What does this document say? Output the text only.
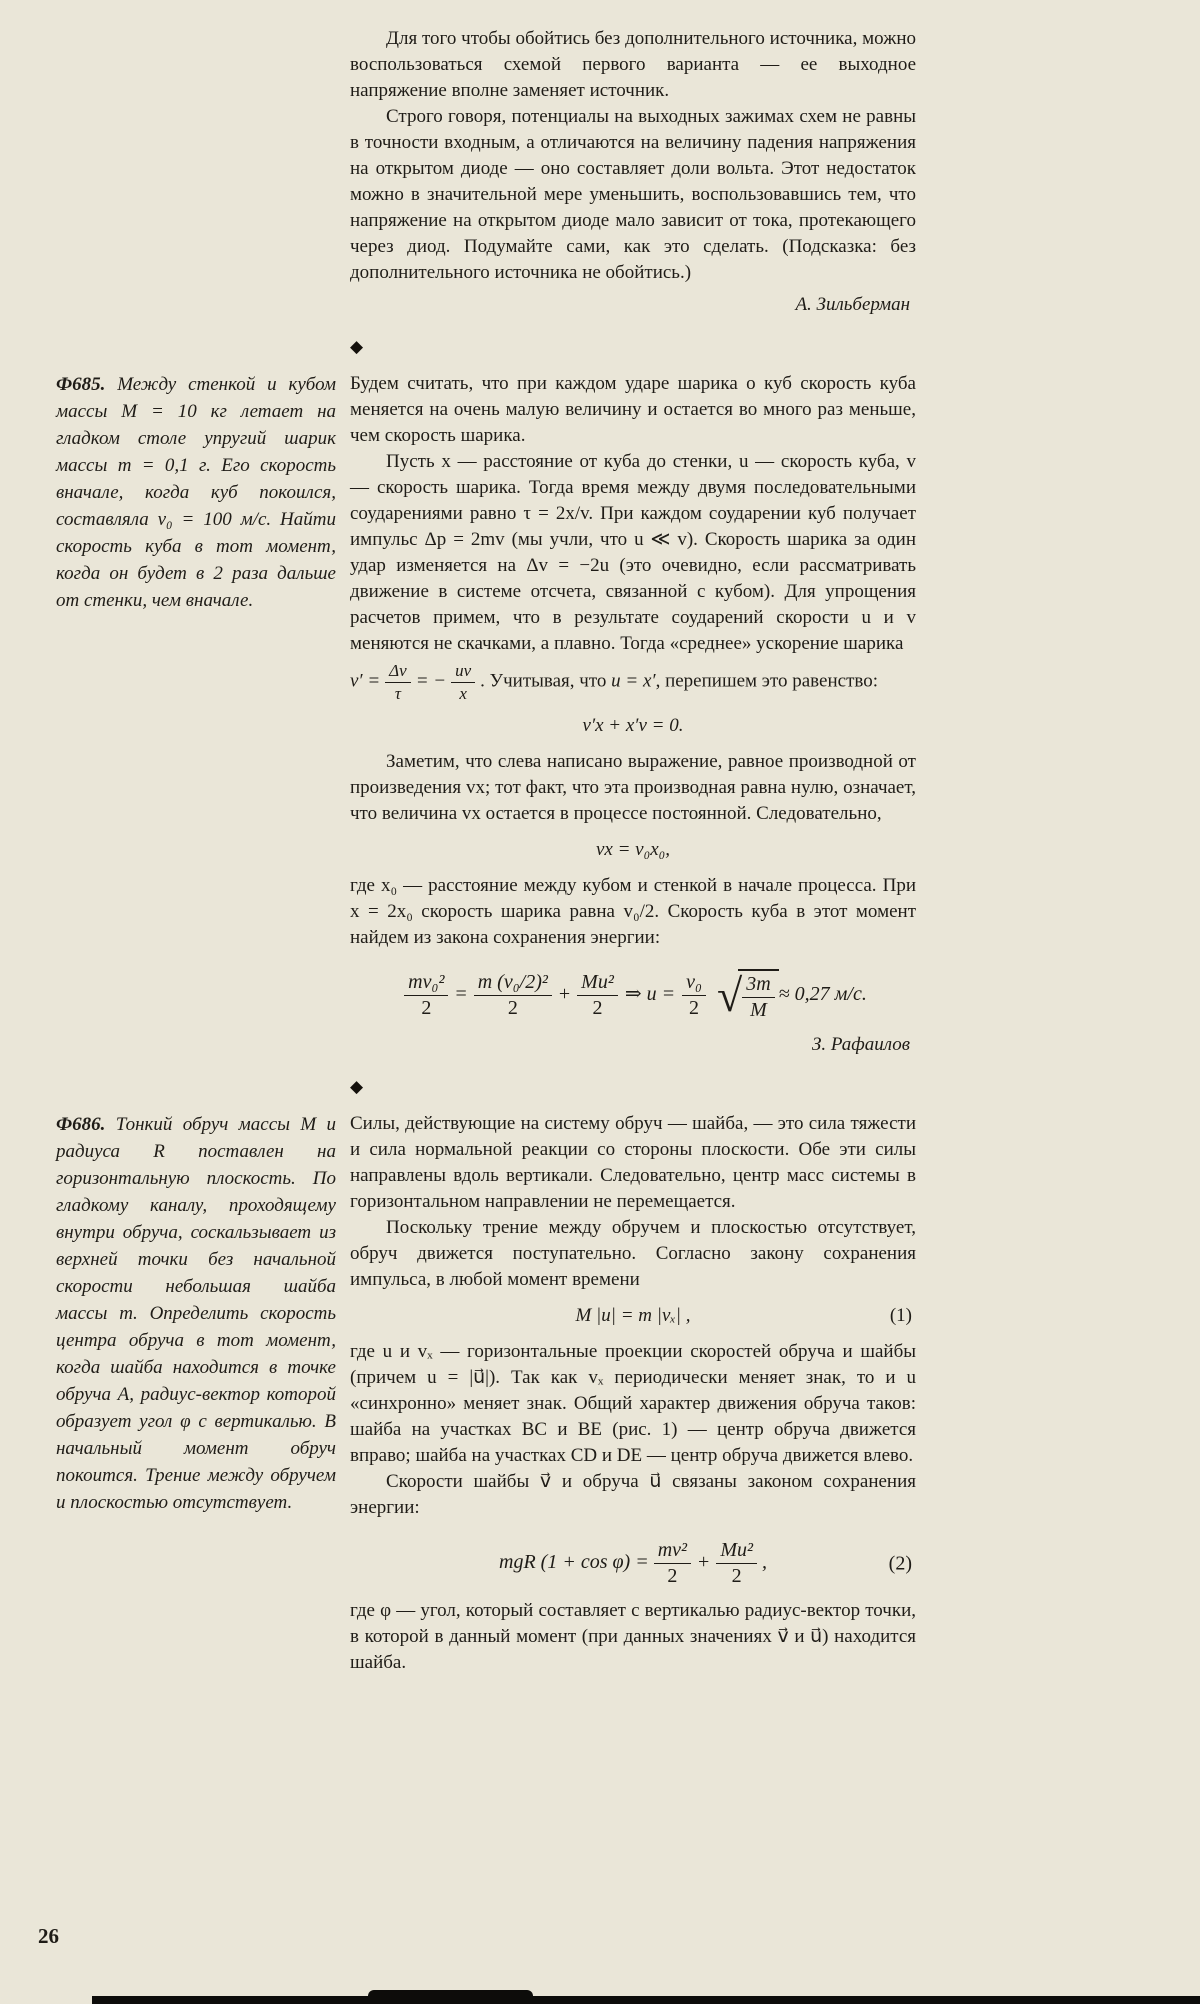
Для того чтобы обойтись без дополнительного источника, можно воспользоваться схемой первого варианта — ее выходное напряжение вполне заменяет источник.

Строго говоря, потенциалы на выходных зажимах схем не равны в точности входным, а отличаются на величину падения напряжения на открытом диоде — оно составляет доли вольта. Этот недостаток можно в значительной мере уменьшить, воспользовавшись тем, что напряжение на открытом диоде мало зависит от тока, протекающего через диод. Подумайте сами, как это сделать. (Подсказка: без дополнительного источника не обойтись.)

А. Зильберман

◆

Ф685. Между стенкой и кубом массы M = 10 кг летает на гладком столе упругий шарик массы m = 0,1 г. Его скорость вначале, когда куб покоился, составляла v₀ = 100 м/с. Найти скорость куба в тот момент, когда он будет в 2 раза дальше от стенки, чем вначале.

Будем считать, что при каждом ударе шарика о куб скорость куба меняется на очень малую величину и остается во много раз меньше, чем скорость шарика.

Пусть x — расстояние от куба до стенки, u — скорость куба, v — скорость шарика. Тогда время между двумя последовательными соударениями равно τ = 2x/v. При каждом соударении куб получает импульс Δp = 2mv (мы учли, что u ≪ v). Скорость шарика за один удар изменяется на Δv = −2u (это очевидно, если рассматривать движение в системе отсчета, связанной с кубом). Для упрощения расчетов примем, что в результате соударений скорости u и v меняются не скачками, а плавно. Тогда «среднее» ускорение шарика

$v' = \frac{\Delta v}{\tau}$ = − $\frac{uv}{x}$ . Учитывая, что u = x′, перепишем это равенство:
v′x + x′v = 0.

Заметим, что слева написано выражение, равное производной от произведения vx; тот факт, что эта производная равна нулю, означает, что величина vx остается в процессе постоянной. Следовательно,

vx = v₀x₀,

где x₀ — расстояние между кубом и стенкой в начале процесса. При x = 2x₀ скорость шарика равна v₀/2. Скорость куба в этот момент найдем из закона сохранения энергии:

$\frac{\text{mv₀²}}{2} = \frac{\text{m (v₀/2)²}}{2} + \frac{\text{Mu²}}{2}$ ⇒ $u = \frac{\text{v₀}}{2}$ √ $\frac{3m}{M} \approx 0,27$ м/с.

З. Рафаилов

◆

Ф686. Тонкий обруч массы M и радиуса R поставлен на горизонтальную плоскость. По гладкому каналу, проходящему внутри обруча, соскальзывает из верхней точки без начальной скорости небольшая шайба массы m. Определить скорость центра обруча в тот момент, когда шайба находится в точке обруча A, радиус-вектор которой образует угол φ с вертикалью. В начальный момент обруч покоится. Трение между обручем и плоскостью отсутствует.

Силы, действующие на систему обруч — шайба, — это сила тяжести и сила нормальной реакции со стороны плоскости. Обе эти силы направлены вдоль вертикали. Следовательно, центр масс системы в горизонтальном направлении не перемещается.

Поскольку трение между обручем и плоскостью отсутствует, обруч движется поступательно. Согласно закону сохранения импульса, в любой момент времени

M |u| = m |vₓ| ,	(1)

где u и vₓ — горизонтальные проекции скоростей обруча и шайбы (причем u = |u⃗|). Так как vₓ периодически меняет знак, то и u «синхронно» меняет знак. Общий характер движения обруча таков: шайба на участках BC и BE (рис. 1) — центр обруча движется вправо; шайба на участках CD и DE — центр обруча движется влево.

Скорости шайбы v⃗ и обруча u⃗ связаны законом сохранения энергии:

mgR $(1 + \cos \varphi) = \frac{\text{mv²}}{2} + \frac{\text{Mu²}}{2}$ ,	(2)

где φ — угол, который составляет с вертикалью радиус-вектор точки, в которой в данный момент (при данных значениях v⃗ и u⃗) находится шайба.

26
